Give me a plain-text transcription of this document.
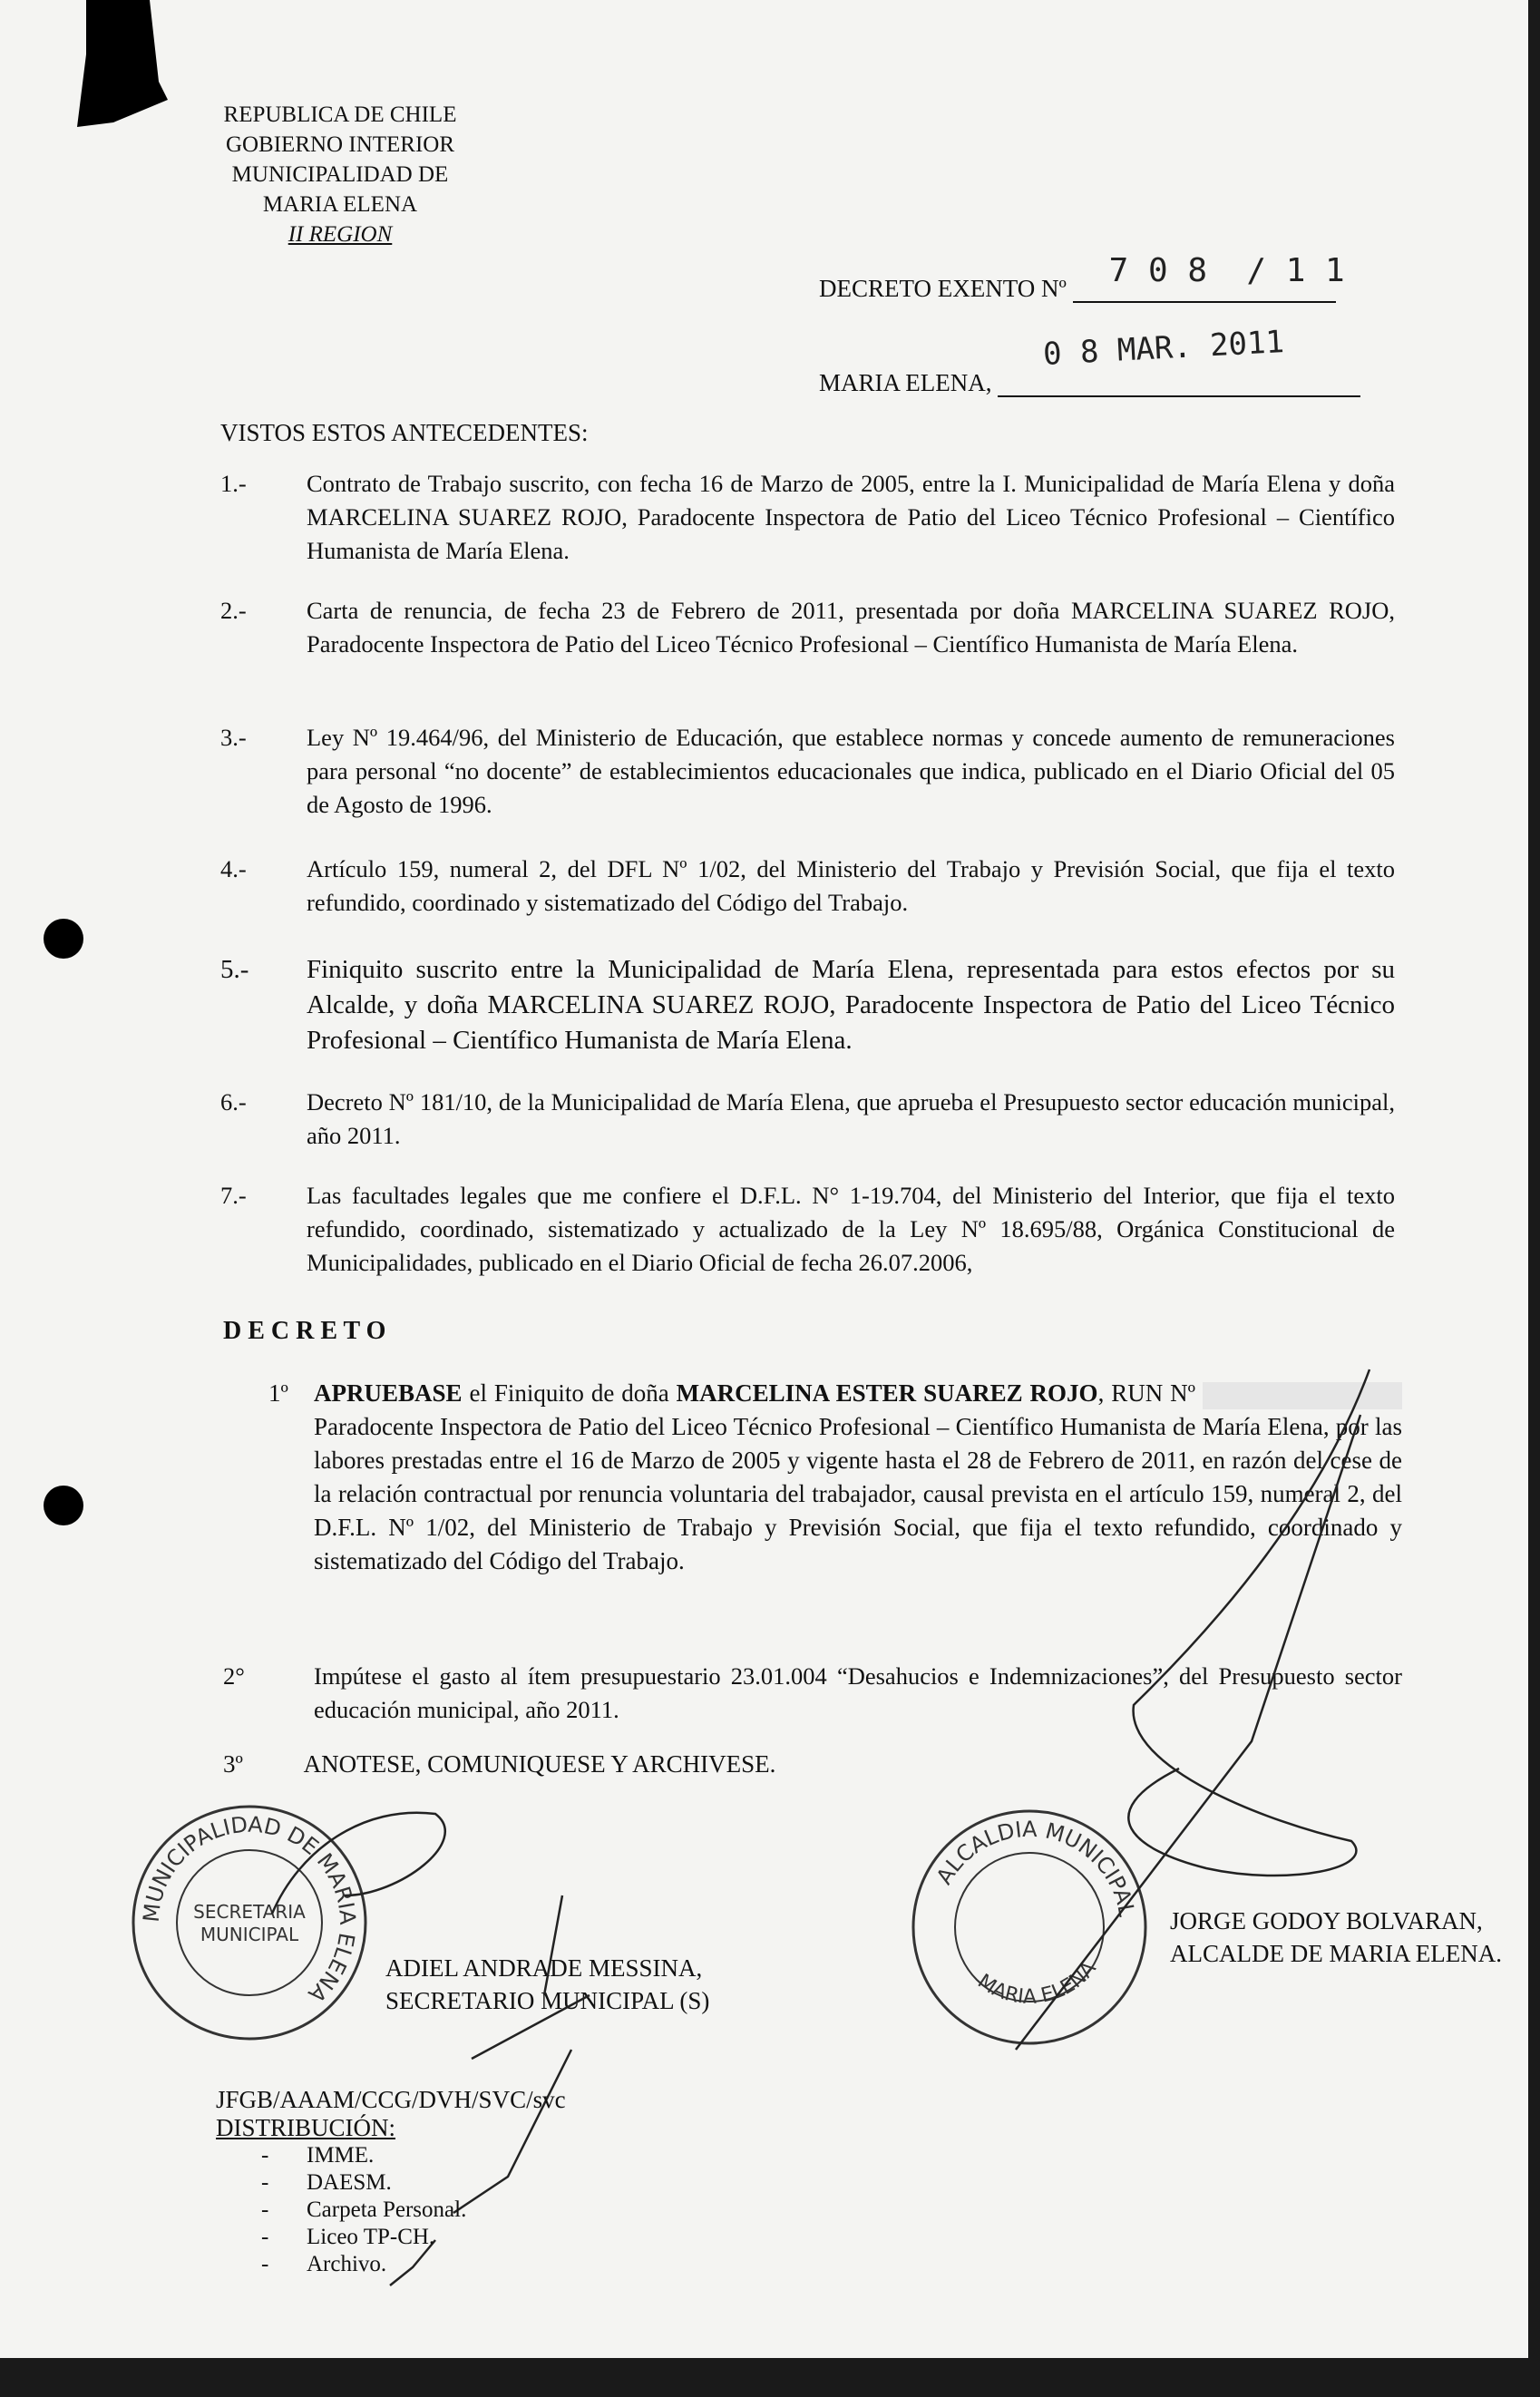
REPUBLICA DE CHILE
GOBIERNO INTERIOR
MUNICIPALIDAD DE
MARIA ELENA
II REGION
DECRETO EXENTO Nº 7 0 8  / 1 1
MARIA ELENA,
0 8 MAR. 2011
VISTOS ESTOS ANTECEDENTES:
1.-	Contrato de Trabajo suscrito, con fecha 16 de Marzo de 2005, entre la I. Municipalidad de María Elena y doña MARCELINA SUAREZ ROJO, Paradocente Inspectora de Patio del Liceo Técnico Profesional – Científico Humanista de María Elena.
2.-	Carta de renuncia, de fecha 23 de Febrero de 2011, presentada por doña MARCELINA SUAREZ ROJO, Paradocente Inspectora de Patio del Liceo Técnico Profesional – Científico Humanista de María Elena.
3.-	Ley Nº 19.464/96, del Ministerio de Educación, que establece normas y concede aumento de remuneraciones para personal “no docente” de establecimientos educacionales que indica, publicado en el Diario Oficial del 05 de Agosto de 1996.
4.-	Artículo 159, numeral 2, del DFL Nº 1/02, del Ministerio del Trabajo y Previsión Social, que fija el texto refundido, coordinado y sistematizado del Código del Trabajo.
5.- Finiquito suscrito entre la Municipalidad de María Elena, representada para estos efectos por su Alcalde, y doña MARCELINA SUAREZ ROJO, Paradocente Inspectora de Patio del Liceo Técnico Profesional – Científico Humanista de María Elena.
6.-	Decreto Nº 181/10, de la Municipalidad de María Elena, que aprueba el Presupuesto sector educación municipal, año 2011.
7.-	Las facultades legales que me confiere el D.F.L. N° 1-19.704, del Ministerio del Interior, que fija el texto refundido, coordinado, sistematizado y actualizado de la Ley Nº 18.695/88, Orgánica Constitucional de Municipalidades, publicado en el Diario Oficial de fecha 26.07.2006,
D E C R E T O
1º APRUEBASE el Finiquito de doña MARCELINA ESTER SUAREZ ROJO, RUN Nº  Paradocente Inspectora de Patio del Liceo Técnico Profesional – Científico Humanista de María Elena, por las labores prestadas entre el 16 de Marzo de 2005 y vigente hasta el 28 de Febrero de 2011, en razón del cese de la relación contractual por renuncia voluntaria del trabajador, causal prevista en el artículo 159, numeral 2, del D.F.L. Nº 1/02, del Ministerio de Trabajo y Previsión Social, que fija el texto refundido, coordinado y sistematizado del Código del Trabajo.
2°	Impútese el gasto al ítem presupuestario 23.01.004 “Desahucios e Indemnizaciones”, del Presupuesto sector educación municipal, año 2011.
3º ANOTESE, COMUNIQUESE Y ARCHIVESE.
MUNICIPALIDAD DE MARIA ELENA
SECRETARIA
MUNICIPAL
ADIEL ANDRADE MESSINA,
SECRETARIO MUNICIPAL (S)
ALCALDIA MUNICIPAL
MARIA ELENA
JORGE GODOY BOLVARAN,
ALCALDE DE MARIA ELENA.
JFGB/AAAM/CCG/DVH/SVC/svc
DISTRIBUCIÓN:
- IMME.
- DAESM.
- Carpeta Personal.
- Liceo TP-CH.
- Archivo.
